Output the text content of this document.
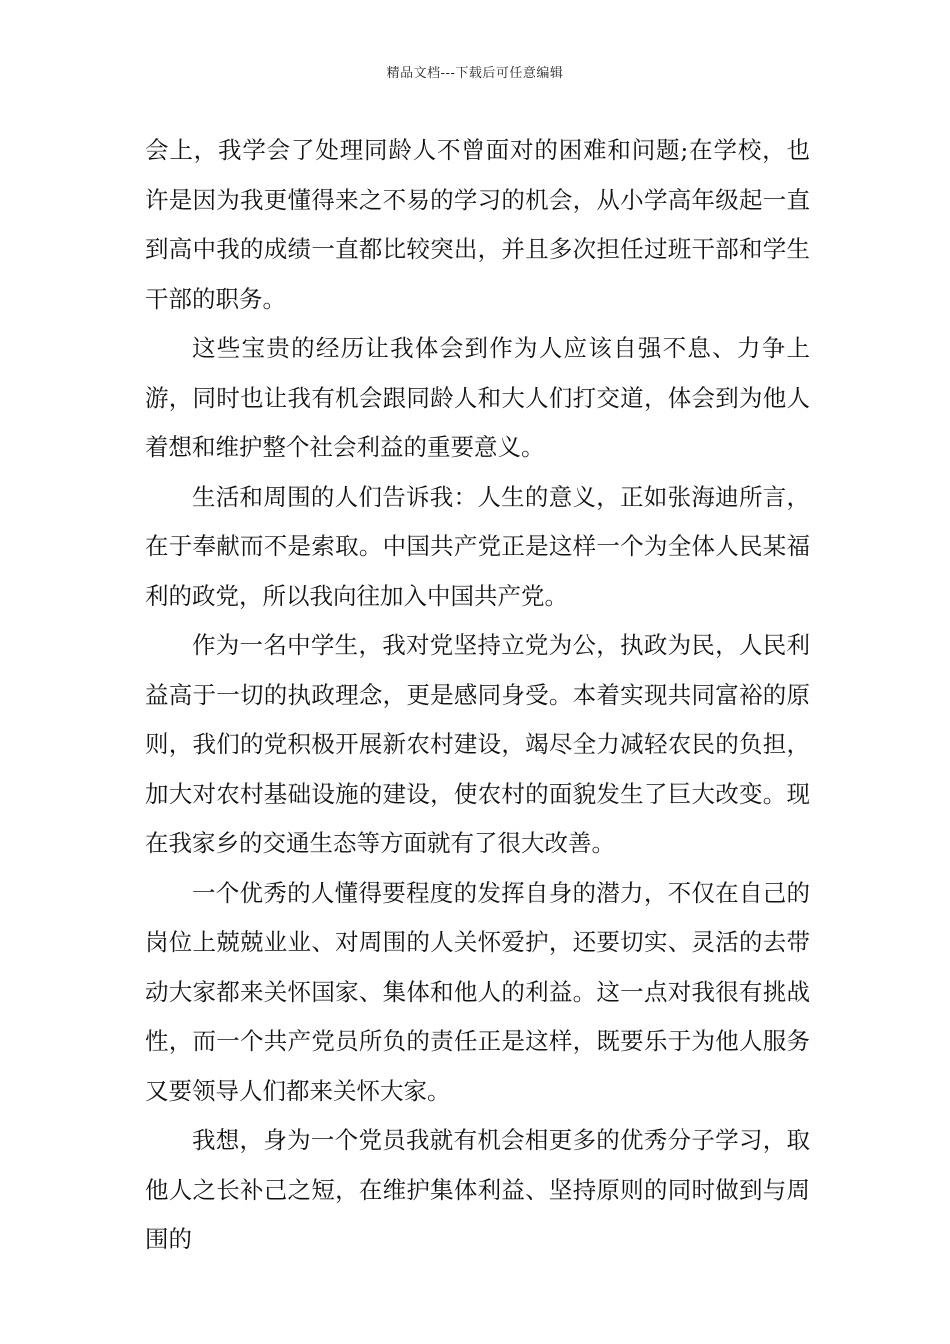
精品文档---下载后可任意编辑

会上，我学会了处理同龄人不曾面对的困难和问题;在学校，也许是因为我更懂得来之不易的学习的机会，从小学高年级起一直到高中我的成绩一直都比较突出，并且多次担任过班干部和学生干部的职务。

这些宝贵的经历让我体会到作为人应该自强不息、力争上游，同时也让我有机会跟同龄人和大人们打交道，体会到为他人着想和维护整个社会利益的重要意义。

生活和周围的人们告诉我：人生的意义，正如张海迪所言，在于奉献而不是索取。中国共产党正是这样一个为全体人民某福利的政党，所以我向往加入中国共产党。

作为一名中学生，我对党坚持立党为公，执政为民，人民利益高于一切的执政理念，更是感同身受。本着实现共同富裕的原则，我们的党积极开展新农村建设，竭尽全力减轻农民的负担，加大对农村基础设施的建设，使农村的面貌发生了巨大改变。现在我家乡的交通生态等方面就有了很大改善。

一个优秀的人懂得要程度的发挥自身的潜力，不仅在自己的岗位上兢兢业业、对周围的人关怀爱护，还要切实、灵活的去带动大家都来关怀国家、集体和他人的利益。这一点对我很有挑战性，而一个共产党员所负的责任正是这样，既要乐于为他人服务又要领导人们都来关怀大家。

我想，身为一个党员我就有机会相更多的优秀分子学习，取他人之长补己之短，在维护集体利益、坚持原则的同时做到与周围的
